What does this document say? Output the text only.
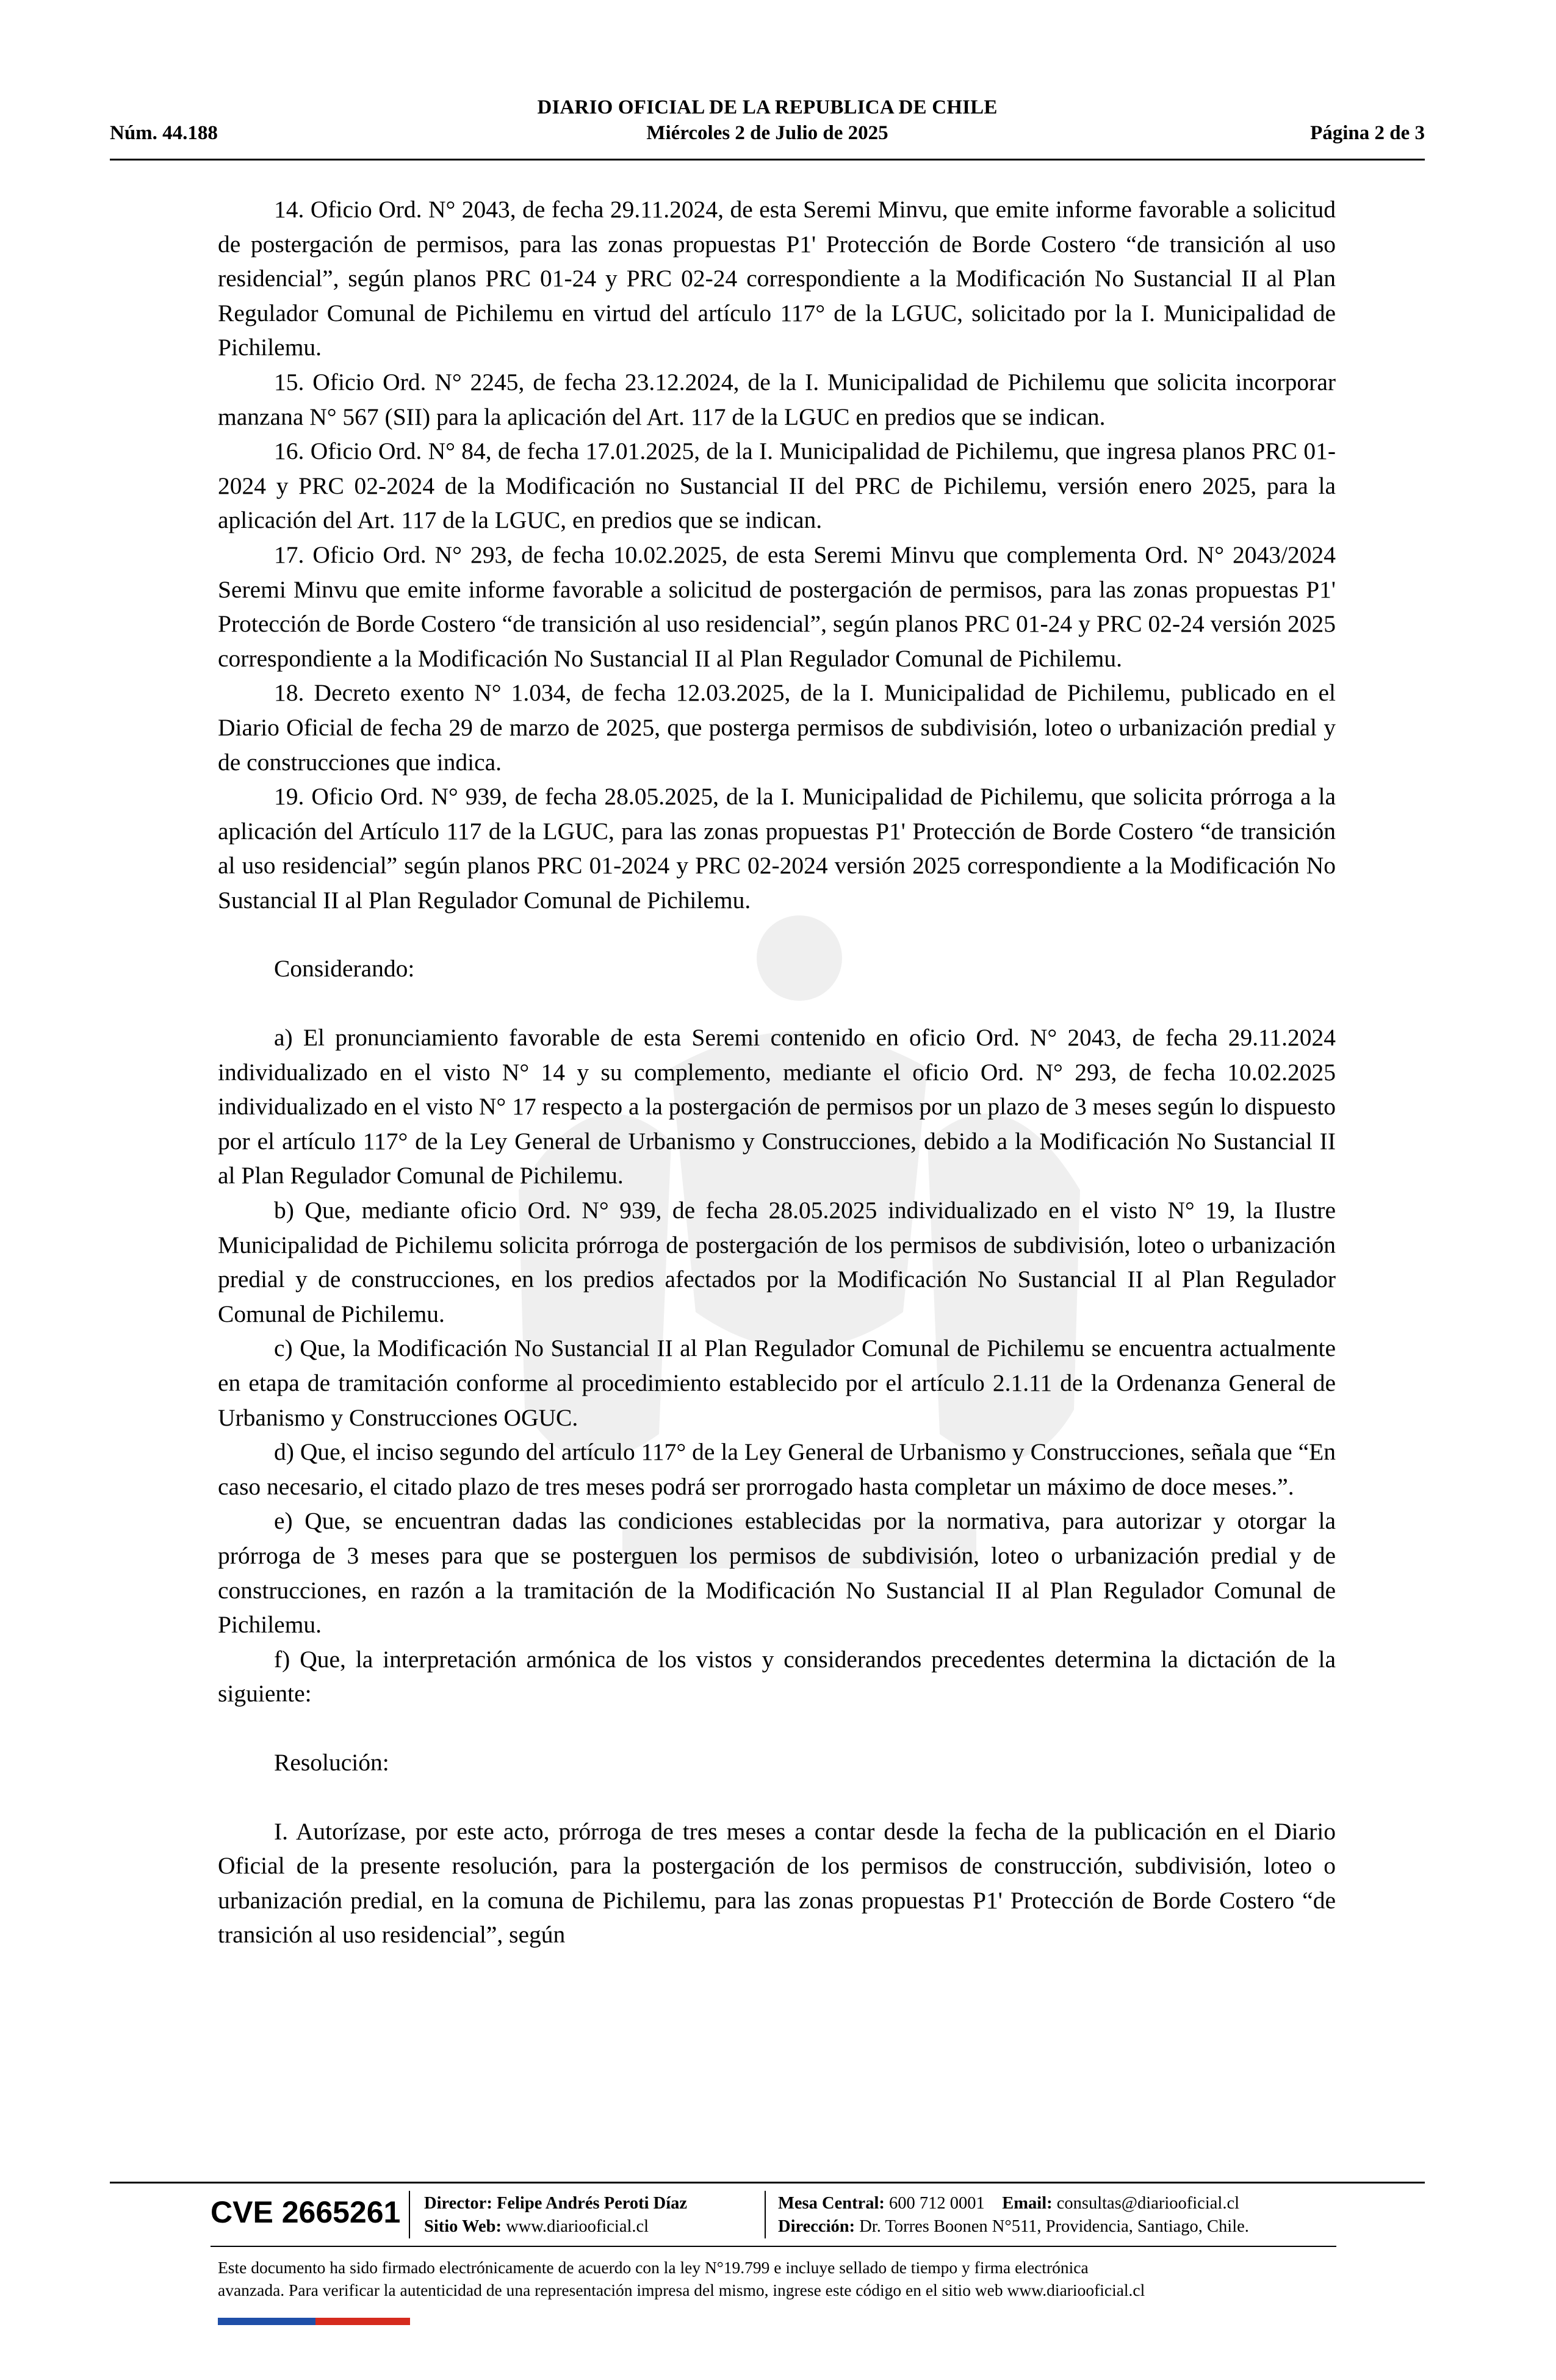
DIARIO OFICIAL DE LA REPUBLICA DE CHILE
Núm. 44.188	Miércoles 2 de Julio de 2025	Página 2 de 3

14. Oficio Ord. N° 2043, de fecha 29.11.2024, de esta Seremi Minvu, que emite informe favorable a solicitud de postergación de permisos, para las zonas propuestas P1' Protección de Borde Costero “de transición al uso residencial”, según planos PRC 01-24 y PRC 02-24 correspondiente a la Modificación No Sustancial II al Plan Regulador Comunal de Pichilemu en virtud del artículo 117° de la LGUC, solicitado por la I. Municipalidad de Pichilemu.

15. Oficio Ord. N° 2245, de fecha 23.12.2024, de la I. Municipalidad de Pichilemu que solicita incorporar manzana N° 567 (SII) para la aplicación del Art. 117 de la LGUC en predios que se indican.

16. Oficio Ord. N° 84, de fecha 17.01.2025, de la I. Municipalidad de Pichilemu, que ingresa planos PRC 01-2024 y PRC 02-2024 de la Modificación no Sustancial II del PRC de Pichilemu, versión enero 2025, para la aplicación del Art. 117 de la LGUC, en predios que se indican.

17. Oficio Ord. N° 293, de fecha 10.02.2025, de esta Seremi Minvu que complementa Ord. N° 2043/2024 Seremi Minvu que emite informe favorable a solicitud de postergación de permisos, para las zonas propuestas P1' Protección de Borde Costero “de transición al uso residencial”, según planos PRC 01-24 y PRC 02-24 versión 2025 correspondiente a la Modificación No Sustancial II al Plan Regulador Comunal de Pichilemu.

18. Decreto exento N° 1.034, de fecha 12.03.2025, de la I. Municipalidad de Pichilemu, publicado en el Diario Oficial de fecha 29 de marzo de 2025, que posterga permisos de subdivisión, loteo o urbanización predial y de construcciones que indica.

19. Oficio Ord. N° 939, de fecha 28.05.2025, de la I. Municipalidad de Pichilemu, que solicita prórroga a la aplicación del Artículo 117 de la LGUC, para las zonas propuestas P1' Protección de Borde Costero “de transición al uso residencial” según planos PRC 01-2024 y PRC 02-2024 versión 2025 correspondiente a la Modificación No Sustancial II al Plan Regulador Comunal de Pichilemu.

Considerando:

a) El pronunciamiento favorable de esta Seremi contenido en oficio Ord. N° 2043, de fecha 29.11.2024 individualizado en el visto N° 14 y su complemento, mediante el oficio Ord. N° 293, de fecha 10.02.2025 individualizado en el visto N° 17 respecto a la postergación de permisos por un plazo de 3 meses según lo dispuesto por el artículo 117° de la Ley General de Urbanismo y Construcciones, debido a la Modificación No Sustancial II al Plan Regulador Comunal de Pichilemu.

b) Que, mediante oficio Ord. N° 939, de fecha 28.05.2025 individualizado en el visto N° 19, la Ilustre Municipalidad de Pichilemu solicita prórroga de postergación de los permisos de subdivisión, loteo o urbanización predial y de construcciones, en los predios afectados por la Modificación No Sustancial II al Plan Regulador Comunal de Pichilemu.

c) Que, la Modificación No Sustancial II al Plan Regulador Comunal de Pichilemu se encuentra actualmente en etapa de tramitación conforme al procedimiento establecido por el artículo 2.1.11 de la Ordenanza General de Urbanismo y Construcciones OGUC.

d) Que, el inciso segundo del artículo 117° de la Ley General de Urbanismo y Construcciones, señala que “En caso necesario, el citado plazo de tres meses podrá ser prorrogado hasta completar un máximo de doce meses.”.

e) Que, se encuentran dadas las condiciones establecidas por la normativa, para autorizar y otorgar la prórroga de 3 meses para que se posterguen los permisos de subdivisión, loteo o urbanización predial y de construcciones, en razón a la tramitación de la Modificación No Sustancial II al Plan Regulador Comunal de Pichilemu.

f) Que, la interpretación armónica de los vistos y considerandos precedentes determina la dictación de la siguiente:

Resolución:

I. Autorízase, por este acto, prórroga de tres meses a contar desde la fecha de la publicación en el Diario Oficial de la presente resolución, para la postergación de los permisos de construcción, subdivisión, loteo o urbanización predial, en la comuna de Pichilemu, para las zonas propuestas P1' Protección de Borde Costero “de transición al uso residencial”, según

CVE 2665261 Director: Felipe Andrés Peroti Díaz
Sitio Web: www.diariooficial.cl
Mesa Central: 600 712 0001 Email: consultas@diariooficial.cl
Dirección: Dr. Torres Boonen N°511, Providencia, Santiago, Chile.
Este documento ha sido firmado electrónicamente de acuerdo con la ley N°19.799 e incluye sellado de tiempo y firma electrónica
avanzada. Para verificar la autenticidad de una representación impresa del mismo, ingrese este código en el sitio web www.diariooficial.cl
